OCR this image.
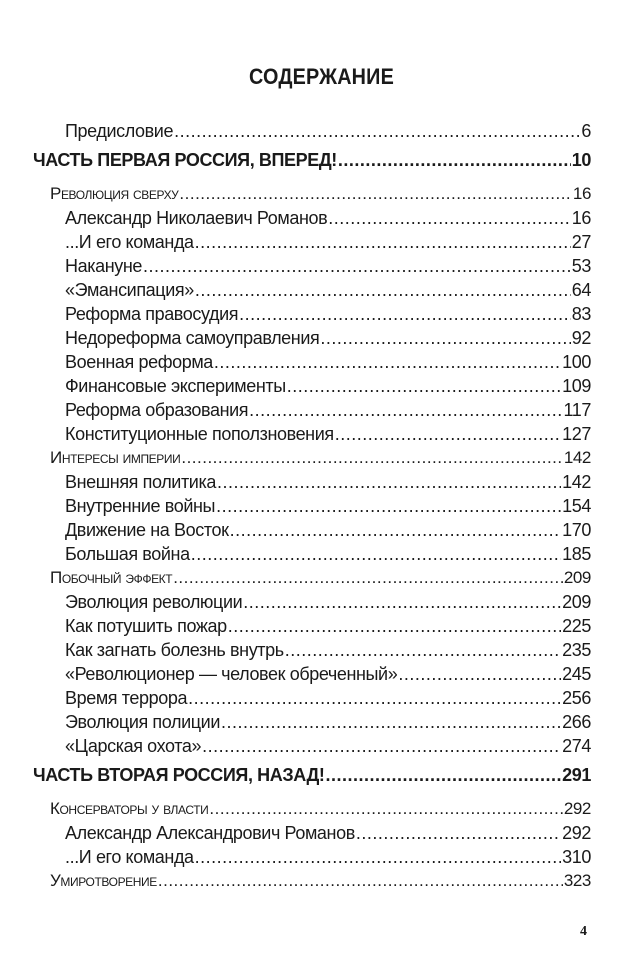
СОДЕРЖАНИЕ
Предисловие .....	6
ЧАСТЬ ПЕРВАЯ РОССИЯ, ВПЕРЕД! .....	10
Революция сверху .....	16
Александр Николаевич Романов .....	16
...И его команда .....	27
Накануне .....	53
«Эмансипация» .....	64
Реформа правосудия .....	83
Недореформа самоуправления .....	92
Военная реформа .....	100
Финансовые эксперименты .....	109
Реформа образования .....	117
Конституционные поползновения .....	127
Интересы империи .....	142
Внешняя политика .....	142
Внутренние войны .....	154
Движение на Восток .....	170
Большая война .....	185
Побочный эффект .....	209
Эволюция революции .....	209
Как потушить пожар .....	225
Как загнать болезнь внутрь .....	235
«Революционер — человек обреченный» .....	245
Время террора .....	256
Эволюция полиции .....	266
«Царская охота» .....	274
ЧАСТЬ ВТОРАЯ РОССИЯ, НАЗАД! .....	291
Консерваторы у власти .....	292
Александр Александрович Романов .....	292
...И его команда .....	310
Умиротворение .....	323
4
